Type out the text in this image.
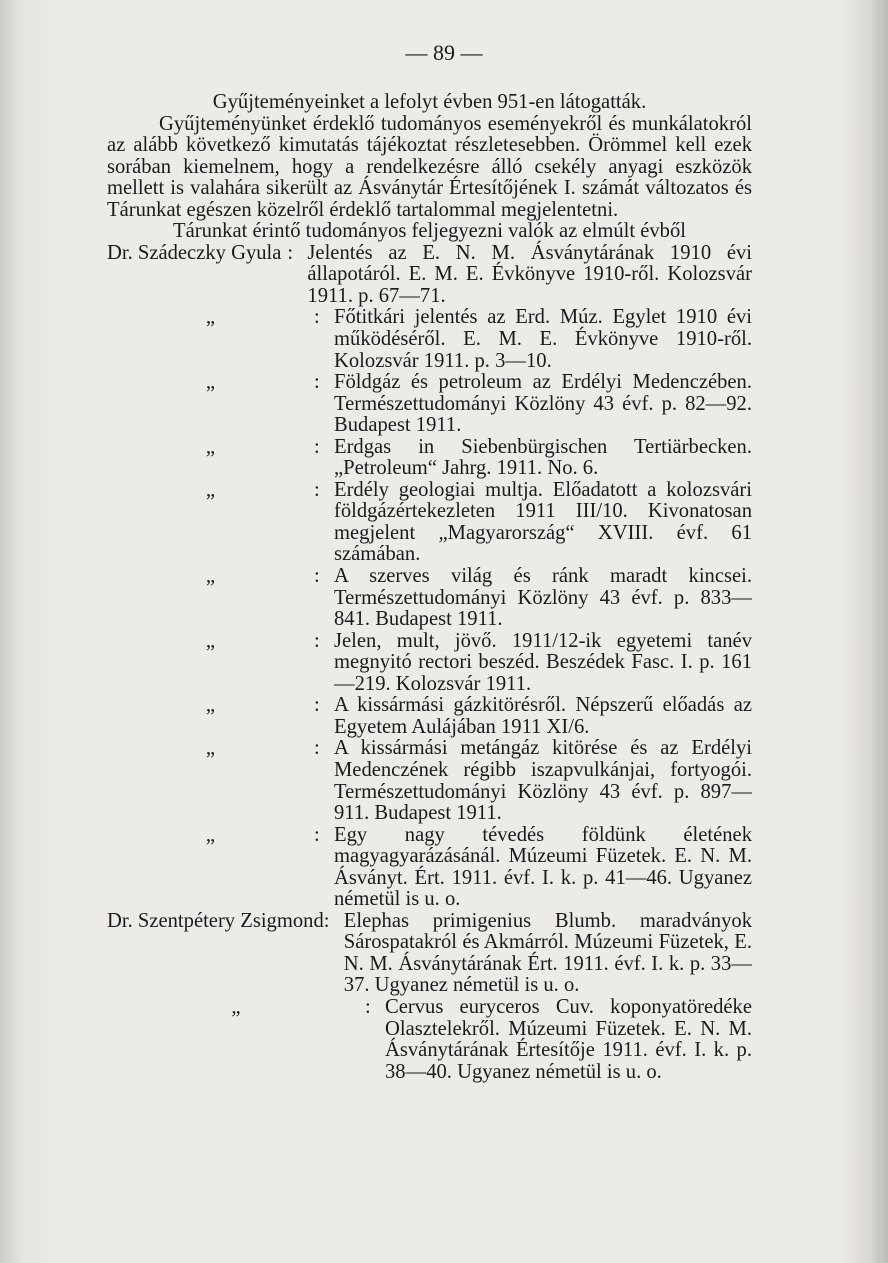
— 89 —
Gyűjteményeinket a lefolyt évben 951-en látogatták.
Gyűjteményünket érdeklő tudományos eseményekről és munkálatokról az alább következő kimutatás tájékoztat részletesebben. Örömmel kell ezek sorában kiemelnem, hogy a rendelkezésre álló csekély anyagi eszközök mellett is valahára sikerült az Ásványtár Értesítőjének I. számát változatos és Tárunkat egészen közelről érdeklő tartalommal megjelentetni.
Tárunkat érintő tudományos feljegyezni valók az elmúlt évből
Dr. Szádeczky Gyula : Jelentés az E. N. M. Ásványtárának 1910 évi állapotáról. E. M. E. Évkönyve 1910-ről. Kolozsvár 1911. p. 67—71.
„	: Főtitkári jelentés az Erd. Múz. Egylet 1910 évi működéséről. E. M. E. Évkönyve 1910-ről. Kolozsvár 1911. p. 3—10.
„	: Földgáz és petroleum az Erdélyi Medenczében. Természettudományi Közlöny 43 évf. p. 82—92. Budapest 1911.
„	: Erdgas in Siebenbürgischen Tertiärbecken. „Petroleum“ Jahrg. 1911. No. 6.
„	: Erdély geologiai multja. Előadatott a kolozsvári földgázértekezleten 1911 III/10. Kivonatosan megjelent „Magyarország“ XVIII. évf. 61 számában.
„	: A szerves világ és ránk maradt kincsei. Természettudományi Közlöny 43 évf. p. 833—841. Budapest 1911.
„	: Jelen, mult, jövő. 1911/12-ik egyetemi tanév megnyitó rectori beszéd. Beszédek Fasc. I. p. 161—219. Kolozsvár 1911.
„	: A kissármási gázkitörésről. Népszerű előadás az Egyetem Aulájában 1911 XI/6.
„	: A kissármási metángáz kitörése és az Erdélyi Medenczének régibb iszapvulkánjai, fortyogói. Természettudományi Közlöny 43 évf. p. 897—911. Budapest 1911.
„	: Egy nagy tévedés földünk életének magyagyarázásánál. Múzeumi Füzetek. E. N. M. Ásványt. Ért. 1911. évf. I. k. p. 41—46. Ugyanez németül is u. o.
Dr. Szentpétery Zsigmond : Elephas primigenius Blumb. maradványok Sárospatakról és Akmárról. Múzeumi Füzetek, E. N. M. Ásványtárának Ért. 1911. évf. I. k. p. 33—37. Ugyanez németül is u. o.
„	: Cervus euryceros Cuv. koponyatöredéke Olasztelekről. Múzeumi Füzetek. E. N. M. Ásványtárának Értesítője 1911. évf. I. k. p. 38—40. Ugyanez németül is u. o.
